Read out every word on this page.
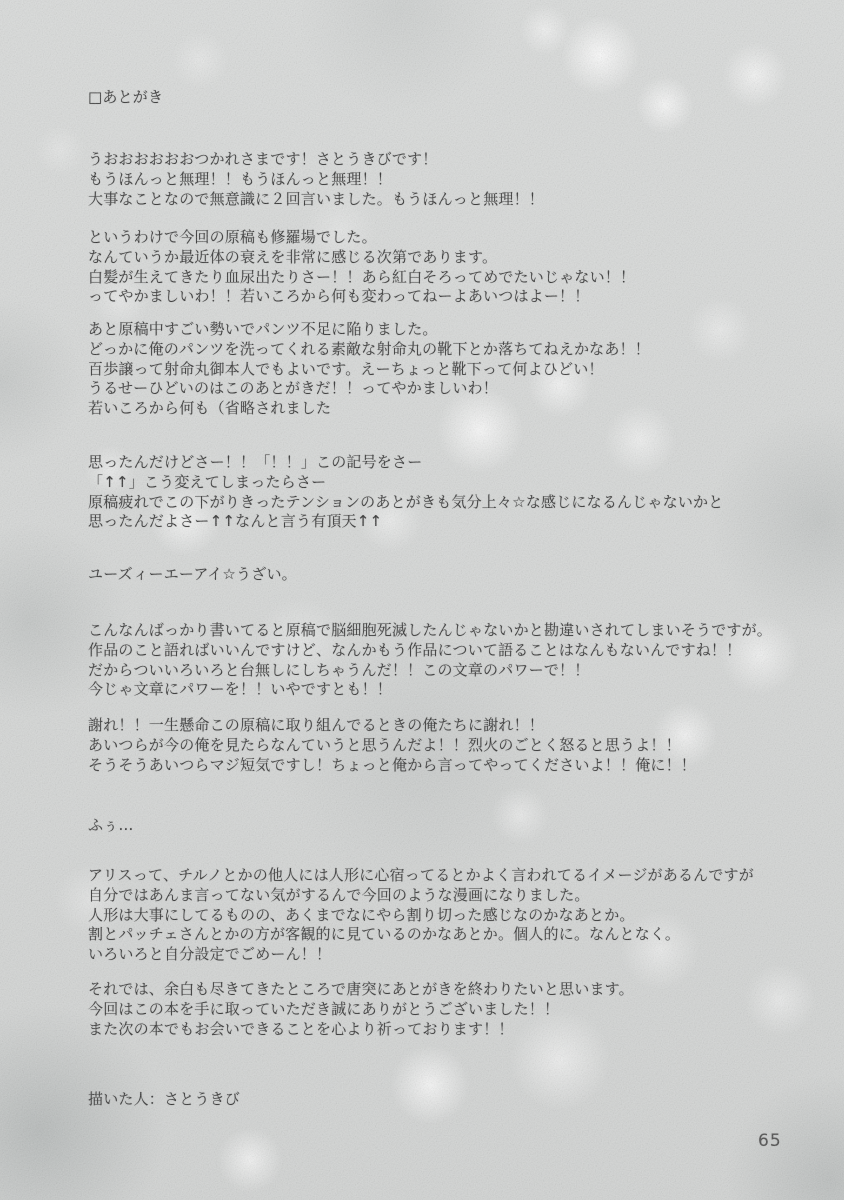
□あとがき
うおおおおおおつかれさまです！さとうきびです！
もうほんっと無理！！もうほんっと無理！！
大事なことなので無意識に２回言いました。もうほんっと無理！！
というわけで今回の原稿も修羅場でした。
なんていうか最近体の衰えを非常に感じる次第であります。
白髪が生えてきたり血尿出たりさー！！あら紅白そろってめでたいじゃない！！
ってやかましいわ！！若いころから何も変わってねーよあいつはよー！！
あと原稿中すごい勢いでパンツ不足に陥りました。
どっかに俺のパンツを洗ってくれる素敵な射命丸の靴下とか落ちてねえかなあ！！
百歩譲って射命丸御本人でもよいです。えーちょっと靴下って何よひどい！
うるせーひどいのはこのあとがきだ！！ってやかましいわ！
若いころから何も（省略されました
思ったんだけどさー！！「！！」この記号をさー
「↑↑」こう変えてしまったらさー
原稿疲れでこの下がりきったテンションのあとがきも気分上々☆な感じになるんじゃないかと
思ったんだよさー↑↑なんと言う有頂天↑↑
ユーズィーエーアイ☆うざい。
こんなんばっかり書いてると原稿で脳細胞死滅したんじゃないかと勘違いされてしまいそうですが。
作品のこと語ればいいんですけど、なんかもう作品について語ることはなんもないんですね！！
だからついいろいろと台無しにしちゃうんだ！！この文章のパワーで！！
今じゃ文章にパワーを！！いやですとも！！
謝れ！！一生懸命この原稿に取り組んでるときの俺たちに謝れ！！
あいつらが今の俺を見たらなんていうと思うんだよ！！烈火のごとく怒ると思うよ！！
そうそうあいつらマジ短気ですし！ちょっと俺から言ってやってくださいよ！！俺に！！
ふぅ…
アリスって、チルノとかの他人には人形に心宿ってるとかよく言われてるイメージがあるんですが
自分ではあんま言ってない気がするんで今回のような漫画になりました。
人形は大事にしてるものの、あくまでなにやら割り切った感じなのかなあとか。
割とパッチェさんとかの方が客観的に見ているのかなあとか。個人的に。なんとなく。
いろいろと自分設定でごめーん！！
それでは、余白も尽きてきたところで唐突にあとがきを終わりたいと思います。
今回はこの本を手に取っていただき誠にありがとうございました！！
また次の本でもお会いできることを心より祈っております！！
描いた人：さとうきび
65
